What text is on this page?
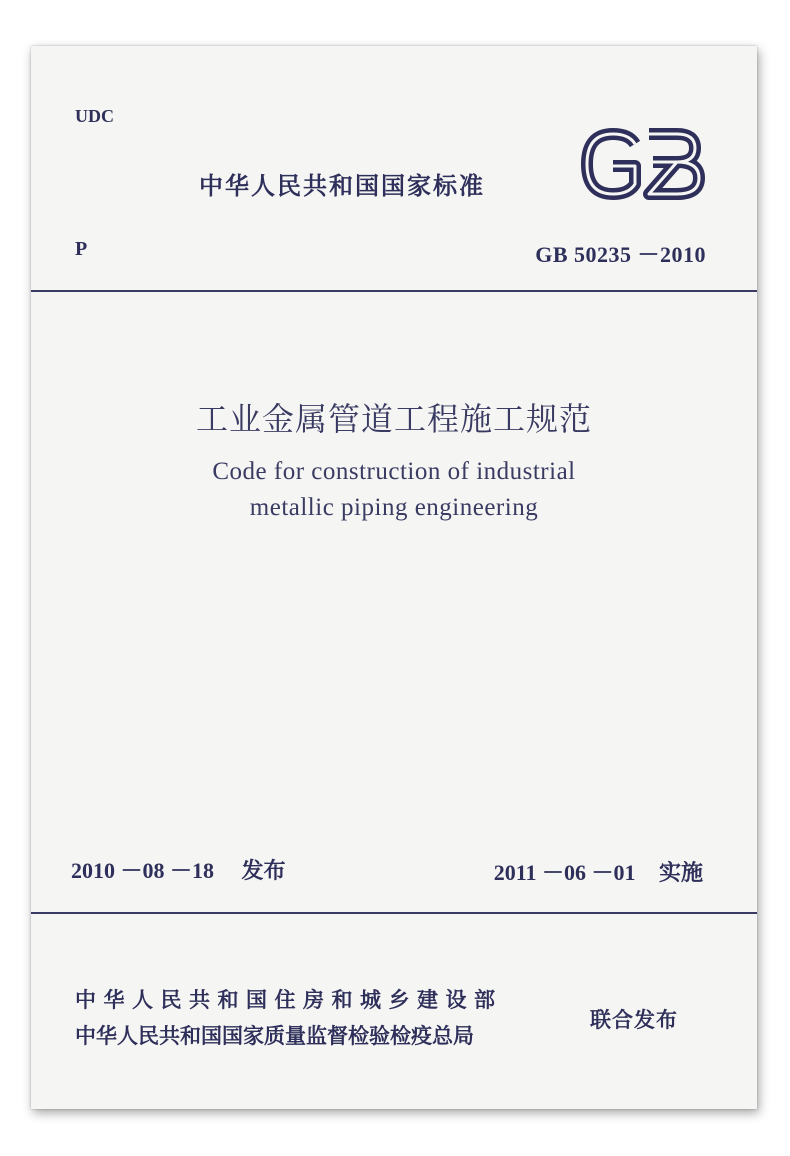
UDC
中华人民共和国国家标准
P	GB 50235 －2010
工业金属管道工程施工规范
Code for construction of industrial
metallic piping engineering
2010 －08 －18 发布	2011 －06 －01 实施
中华人民共和国住房和城乡建设部
中华人民共和国国家质量监督检验检疫总局
联合发布
